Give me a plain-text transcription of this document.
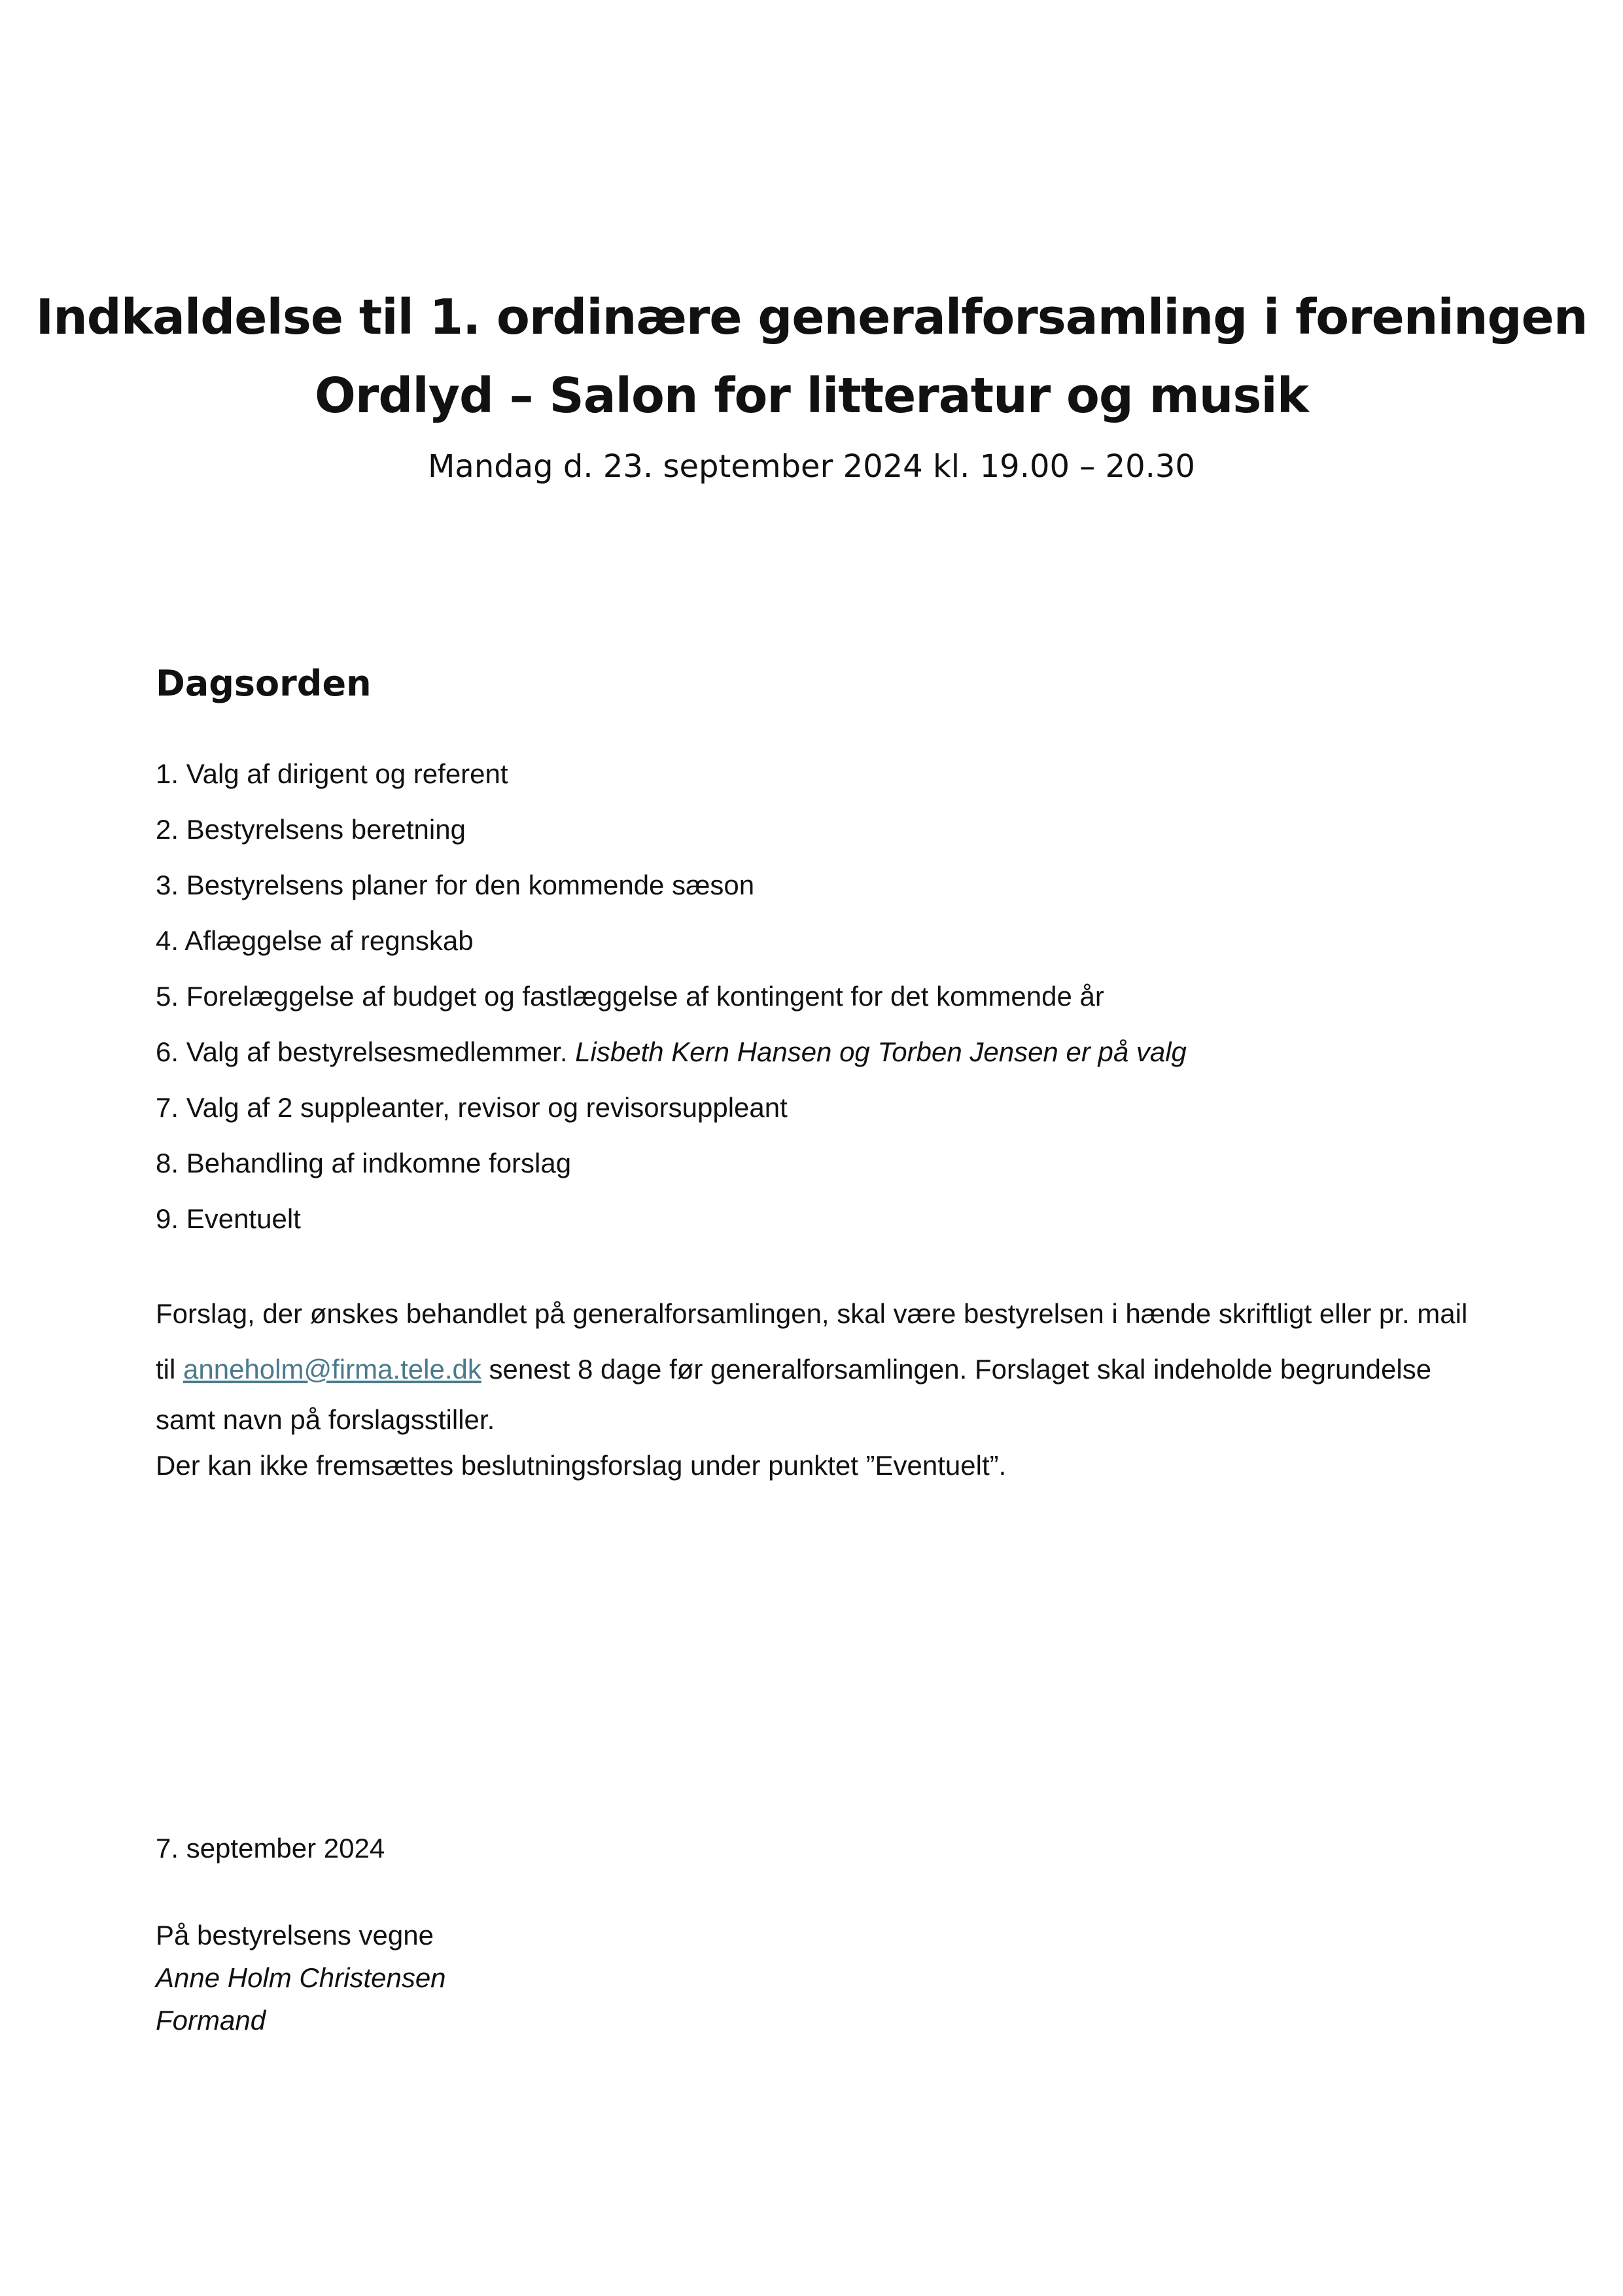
Indkaldelse til 1. ordinære generalforsamling i foreningen
Ordlyd – Salon for litteratur og musik

Mandag d. 23. september 2024 kl. 19.00 – 20.30

Dagsorden
1. Valg af dirigent og referent
2. Bestyrelsens beretning
3. Bestyrelsens planer for den kommende sæson
4. Aflæggelse af regnskab
5. Forelæggelse af budget og fastlæggelse af kontingent for det kommende år
6. Valg af bestyrelsesmedlemmer. Lisbeth Kern Hansen og Torben Jensen er på valg
7. Valg af 2 suppleanter, revisor og revisorsuppleant
8. Behandling af indkomne forslag
9. Eventuelt
Forslag, der ønskes behandlet på generalforsamlingen, skal være bestyrelsen i hænde skriftligt eller pr. mail
til anneholm@firma.tele.dk senest 8 dage før generalforsamlingen. Forslaget skal indeholde begrundelse
samt navn på forslagsstiller.
Der kan ikke fremsættes beslutningsforslag under punktet ”Eventuelt”.
7. september 2024
På bestyrelsens vegne
Anne Holm Christensen
Formand
